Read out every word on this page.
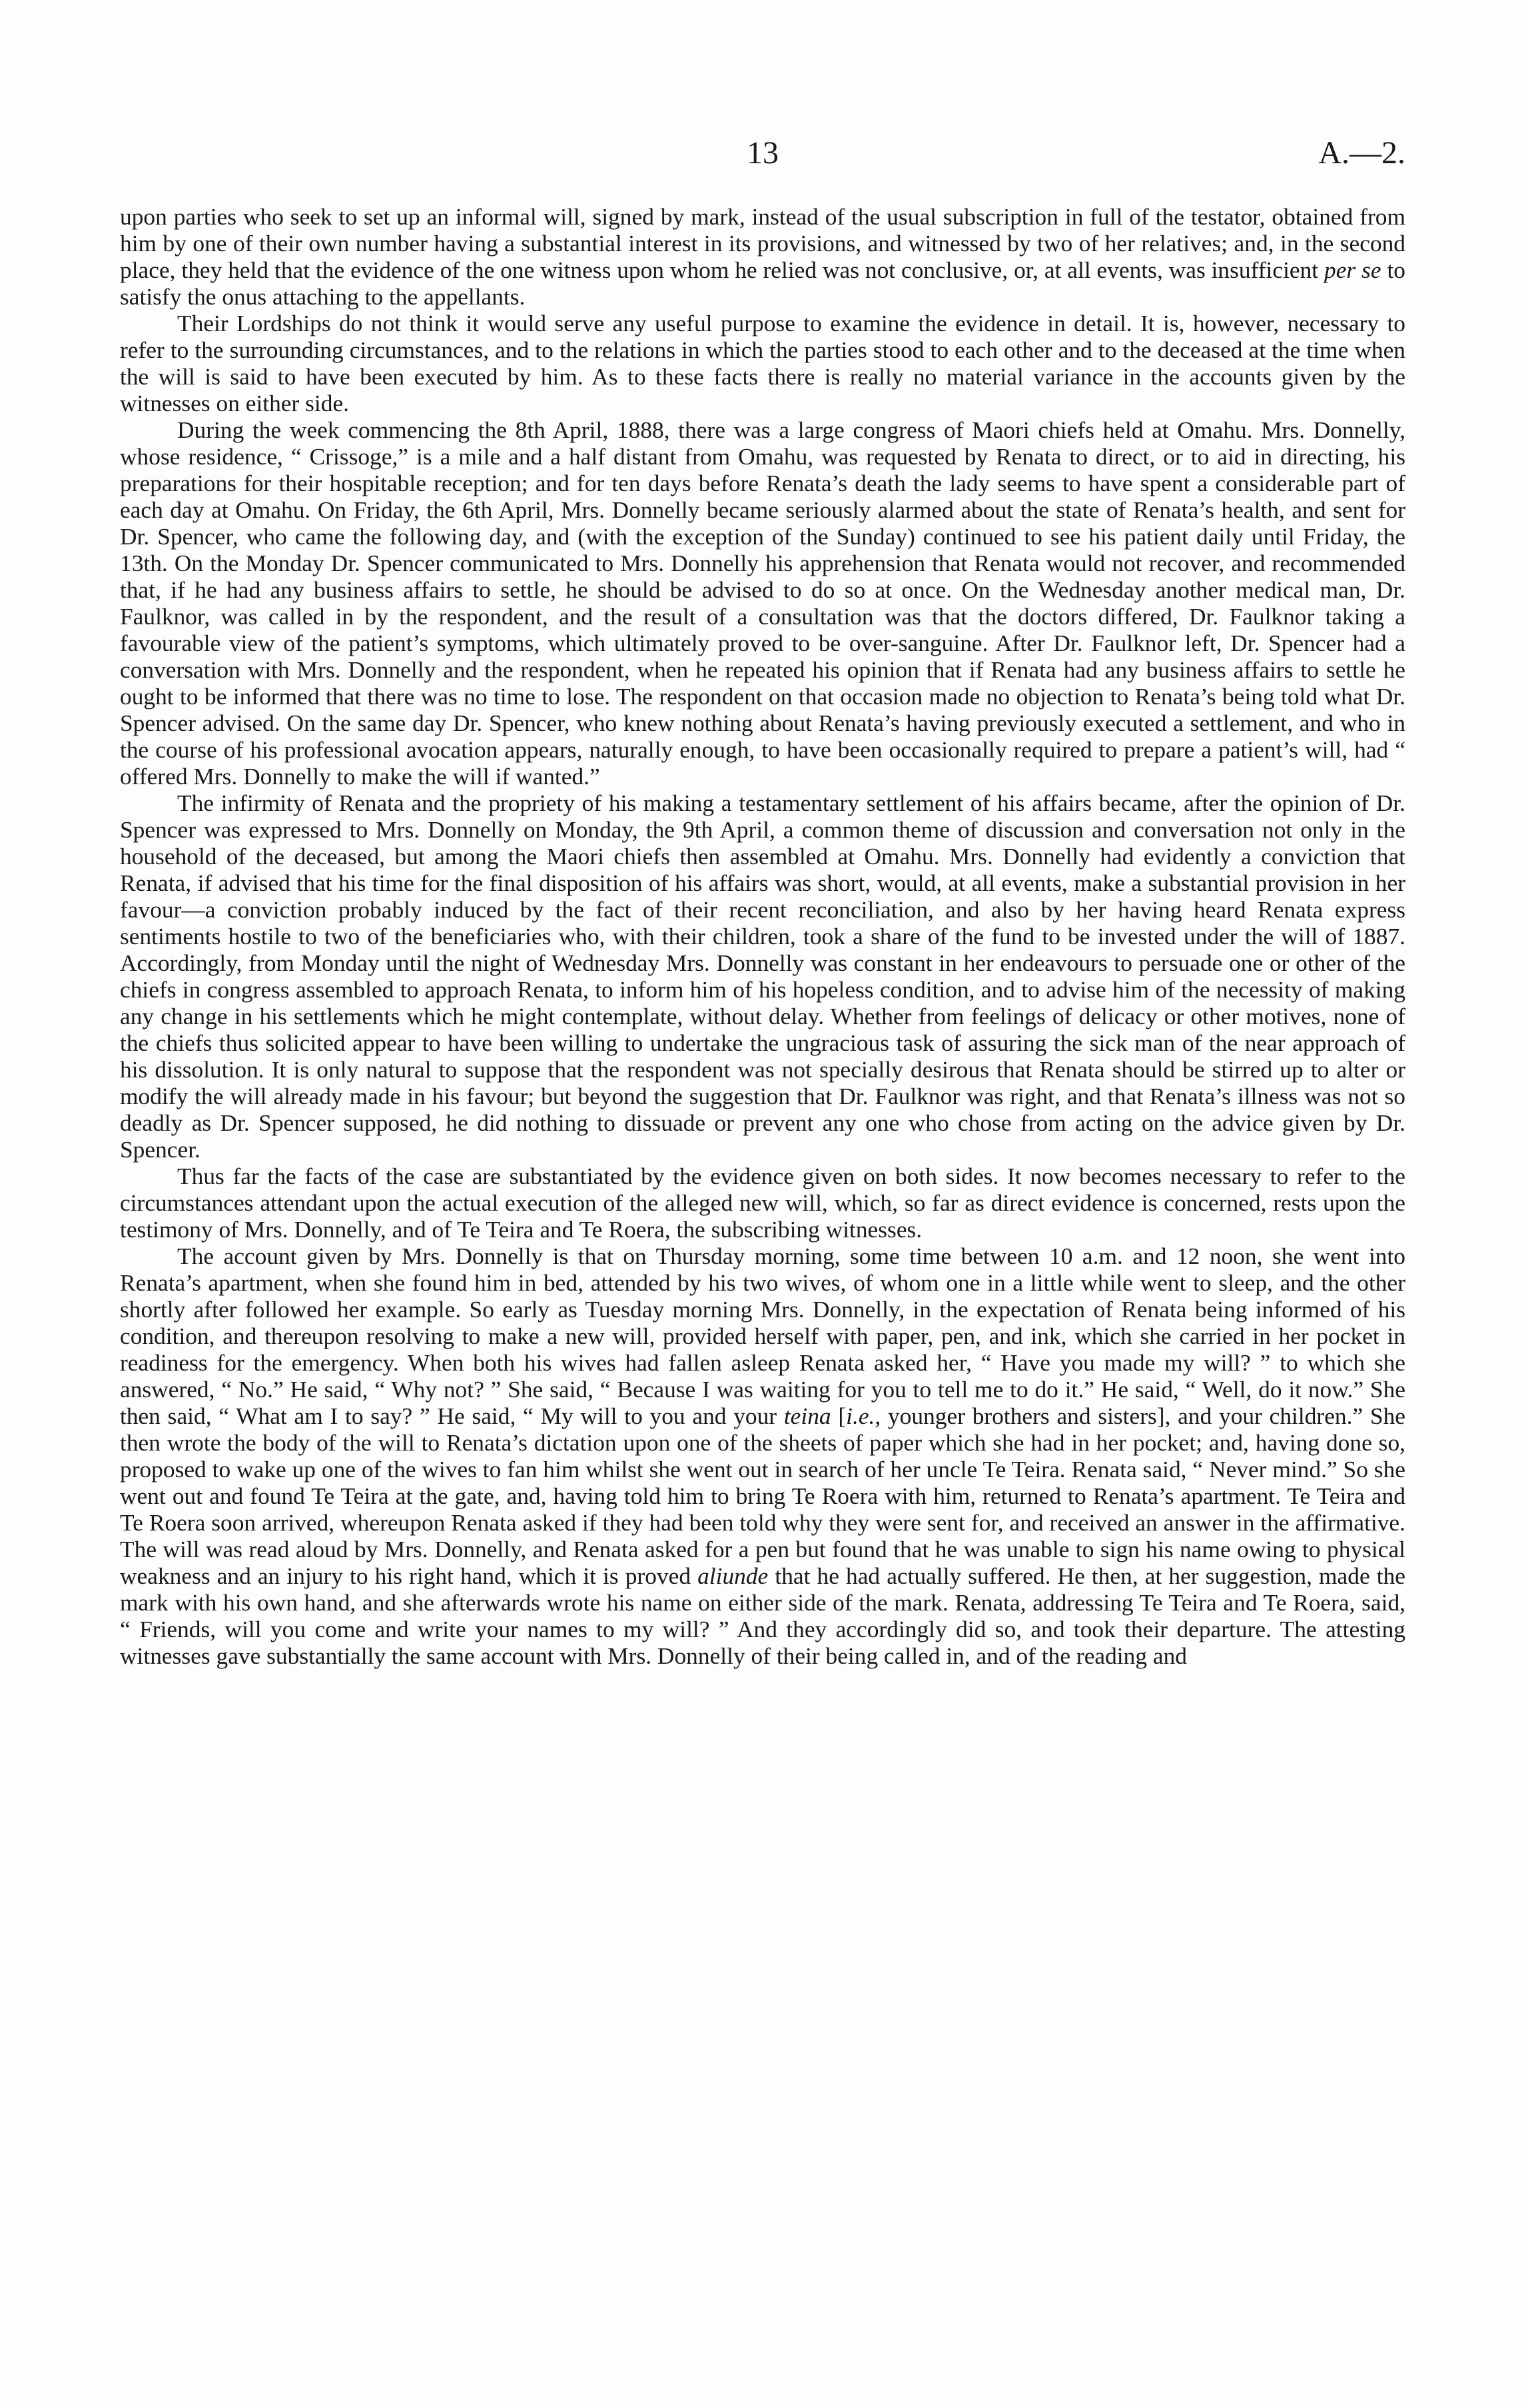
13	A.—2.

upon parties who seek to set up an informal will, signed by mark, instead of the usual subscription in full of the testator, obtained from him by one of their own number having a substantial interest in its provisions, and witnessed by two of her relatives; and, in the second place, they held that the evidence of the one witness upon whom he relied was not conclusive, or, at all events, was insufficient per se to satisfy the onus attaching to the appellants.

Their Lordships do not think it would serve any useful purpose to examine the evidence in detail. It is, however, necessary to refer to the surrounding circumstances, and to the relations in which the parties stood to each other and to the deceased at the time when the will is said to have been executed by him. As to these facts there is really no material variance in the accounts given by the witnesses on either side.

During the week commencing the 8th April, 1888, there was a large congress of Maori chiefs held at Omahu. Mrs. Donnelly, whose residence, “ Crissoge,” is a mile and a half distant from Omahu, was requested by Renata to direct, or to aid in directing, his preparations for their hospitable reception; and for ten days before Renata’s death the lady seems to have spent a considerable part of each day at Omahu. On Friday, the 6th April, Mrs. Donnelly became seriously alarmed about the state of Renata’s health, and sent for Dr. Spencer, who came the following day, and (with the exception of the Sunday) continued to see his patient daily until Friday, the 13th. On the Monday Dr. Spencer communicated to Mrs. Donnelly his apprehension that Renata would not recover, and recommended that, if he had any business affairs to settle, he should be advised to do so at once. On the Wednesday another medical man, Dr. Faulknor, was called in by the respondent, and the result of a consultation was that the doctors differed, Dr. Faulknor taking a favourable view of the patient’s symptoms, which ultimately proved to be over-sanguine. After Dr. Faulknor left, Dr. Spencer had a conversation with Mrs. Donnelly and the respondent, when he repeated his opinion that if Renata had any business affairs to settle he ought to be informed that there was no time to lose. The respondent on that occasion made no objection to Renata’s being told what Dr. Spencer advised. On the same day Dr. Spencer, who knew nothing about Renata’s having previously executed a settlement, and who in the course of his professional avocation appears, naturally enough, to have been occasionally required to prepare a patient’s will, had “ offered Mrs. Donnelly to make the will if wanted.”

The infirmity of Renata and the propriety of his making a testamentary settlement of his affairs became, after the opinion of Dr. Spencer was expressed to Mrs. Donnelly on Monday, the 9th April, a common theme of discussion and conversation not only in the household of the deceased, but among the Maori chiefs then assembled at Omahu. Mrs. Donnelly had evidently a conviction that Renata, if advised that his time for the final disposition of his affairs was short, would, at all events, make a substantial provision in her favour—a conviction probably induced by the fact of their recent reconciliation, and also by her having heard Renata express sentiments hostile to two of the beneficiaries who, with their children, took a share of the fund to be invested under the will of 1887. Accordingly, from Monday until the night of Wednesday Mrs. Donnelly was constant in her endeavours to persuade one or other of the chiefs in congress assembled to approach Renata, to inform him of his hopeless condition, and to advise him of the necessity of making any change in his settlements which he might contemplate, without delay. Whether from feelings of delicacy or other motives, none of the chiefs thus solicited appear to have been willing to undertake the ungracious task of assuring the sick man of the near approach of his dissolution. It is only natural to suppose that the respondent was not specially desirous that Renata should be stirred up to alter or modify the will already made in his favour; but beyond the suggestion that Dr. Faulknor was right, and that Renata’s illness was not so deadly as Dr. Spencer supposed, he did nothing to dissuade or prevent any one who chose from acting on the advice given by Dr. Spencer.

Thus far the facts of the case are substantiated by the evidence given on both sides. It now becomes necessary to refer to the circumstances attendant upon the actual execution of the alleged new will, which, so far as direct evidence is concerned, rests upon the testimony of Mrs. Donnelly, and of Te Teira and Te Roera, the subscribing witnesses.

The account given by Mrs. Donnelly is that on Thursday morning, some time between 10 a.m. and 12 noon, she went into Renata’s apartment, when she found him in bed, attended by his two wives, of whom one in a little while went to sleep, and the other shortly after followed her example. So early as Tuesday morning Mrs. Donnelly, in the expectation of Renata being informed of his condition, and thereupon resolving to make a new will, provided herself with paper, pen, and ink, which she carried in her pocket in readiness for the emergency. When both his wives had fallen asleep Renata asked her, “ Have you made my will? ” to which she answered, “ No.” He said, “ Why not? ” She said, “ Because I was waiting for you to tell me to do it.” He said, “ Well, do it now.” She then said, “ What am I to say? ” He said, “ My will to you and your teina [i.e., younger brothers and sisters], and your children.” She then wrote the body of the will to Renata’s dictation upon one of the sheets of paper which she had in her pocket; and, having done so, proposed to wake up one of the wives to fan him whilst she went out in search of her uncle Te Teira. Renata said, “ Never mind.” So she went out and found Te Teira at the gate, and, having told him to bring Te Roera with him, returned to Renata’s apartment. Te Teira and Te Roera soon arrived, whereupon Renata asked if they had been told why they were sent for, and received an answer in the affirmative. The will was read aloud by Mrs. Donnelly, and Renata asked for a pen but found that he was unable to sign his name owing to physical weakness and an injury to his right hand, which it is proved aliunde that he had actually suffered. He then, at her suggestion, made the mark with his own hand, and she afterwards wrote his name on either side of the mark. Renata, addressing Te Teira and Te Roera, said, “ Friends, will you come and write your names to my will? ” And they accordingly did so, and took their departure. The attesting witnesses gave substantially the same account with Mrs. Donnelly of their being called in, and of the reading and
